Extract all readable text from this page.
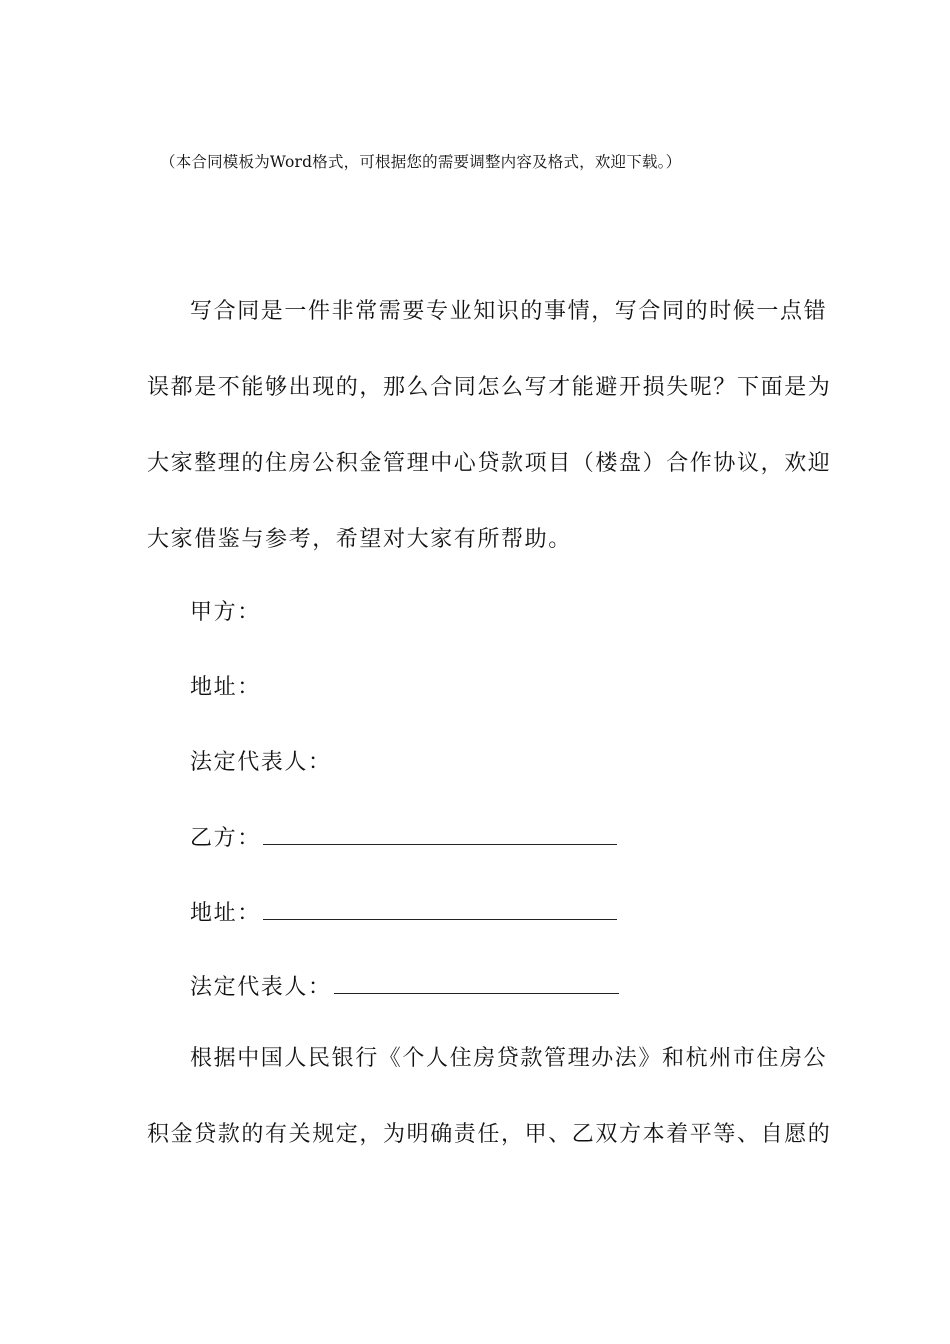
（本合同模板为Word格式，可根据您的需要调整内容及格式，欢迎下载。）
写合同是一件非常需要专业知识的事情，写合同的时候一点错
误都是不能够出现的，那么合同怎么写才能避开损失呢？下面是为
大家整理的住房公积金管理中心贷款项目（楼盘）合作协议，欢迎
大家借鉴与参考，希望对大家有所帮助。
甲方：
地址：
法定代表人：
乙方：
地址：
法定代表人：
根据中国人民银行《个人住房贷款管理办法》和杭州市住房公
积金贷款的有关规定，为明确责任，甲、乙双方本着平等、自愿的
